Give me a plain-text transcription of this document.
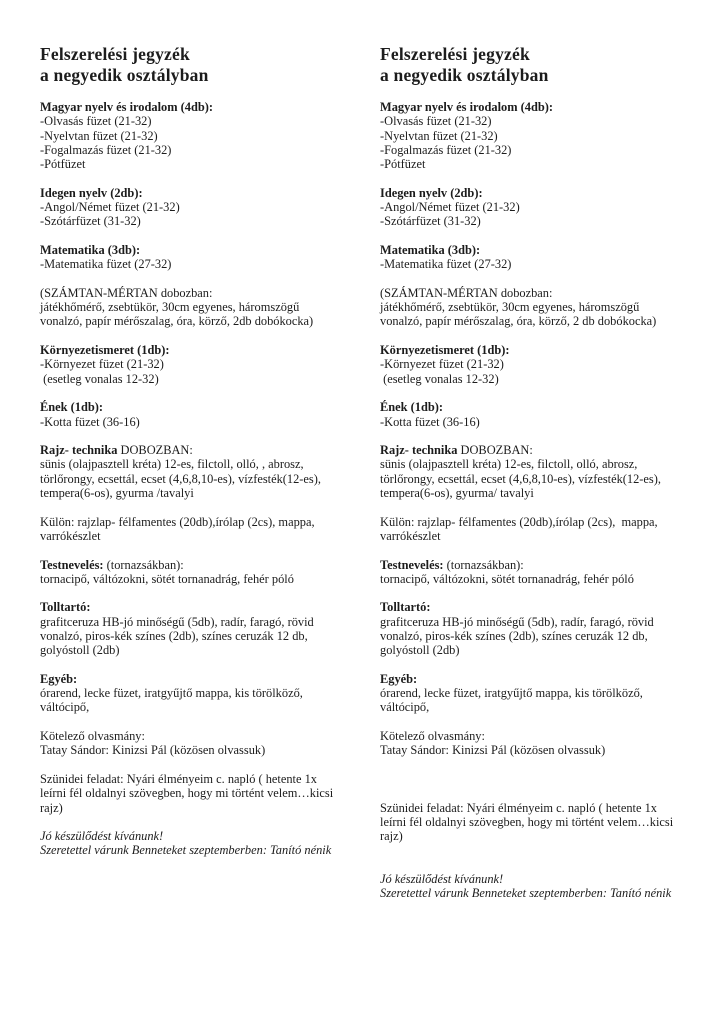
Felszerelési jegyzék
a negyedik osztályban
Magyar nyelv és irodalom (4db):
-Olvasás füzet (21-32)
-Nyelvtan füzet (21-32)
-Fogalmazás füzet (21-32)
-Pótfüzet

Idegen nyelv (2db):
-Angol/Német füzet (21-32)
-Szótárfüzet (31-32)

Matematika (3db):
-Matematika füzet (27-32)

(SZÁMTAN-MÉRTAN dobozban:
játékhőmérő, zsebtükör, 30cm egyenes, háromszögű
vonalzó, papír mérőszalag, óra, körző, 2db dobókocka)

Környezetismeret (1db):
-Környezet füzet (21-32)
(esetleg vonalas 12-32)

Ének (1db):
-Kotta füzet (36-16)

Rajz- technika DOBOZBAN:
sünis (olajpasztell kréta) 12-es, filctoll, olló, , abrosz,
törlőrongy, ecsettál, ecset (4,6,8,10-es), vízfesték(12-es),
tempera(6-os), gyurma /tavalyi

Külön: rajzlap- félfamentes (20db),írólap (2cs), mappa,
varrókészlet

Testnevelés: (tornazsákban):
tornacipő, váltózokni, sötét tornanadrág, fehér póló

Tolltartó:
grafitceruza HB-jó minőségű (5db), radír, faragó, rövid
vonalzó, piros-kék színes (2db), színes ceruzák 12 db,
golyóstoll (2db)

Egyéb:
órarend, lecke füzet, iratgyűjtő mappa, kis törölköző,
váltócipő,

Kötelező olvasmány:
Tatay Sándor: Kinizsi Pál (közösen olvassuk)

Szünidei feladat: Nyári élményeim c. napló ( hetente 1x
leírni fél oldalnyi szövegben, hogy mi történt velem…kicsi
rajz)

Jó készülődést kívánunk!
Szeretettel várunk Benneteket szeptemberben: Tanító nénik
Felszerelési jegyzék
a negyedik osztályban
Magyar nyelv és irodalom (4db):
-Olvasás füzet (21-32)
-Nyelvtan füzet (21-32)
-Fogalmazás füzet (21-32)
-Pótfüzet

Idegen nyelv (2db):
-Angol/Német füzet (21-32)
-Szótárfüzet (31-32)

Matematika (3db):
-Matematika füzet (27-32)

(SZÁMTAN-MÉRTAN dobozban:
játékhőmérő, zsebtükör, 30cm egyenes, háromszögű
vonalzó, papír mérőszalag, óra, körző, 2 db dobókocka)

Környezetismeret (1db):
-Környezet füzet (21-32)
(esetleg vonalas 12-32)

Ének (1db):
-Kotta füzet (36-16)

Rajz- technika DOBOZBAN:
sünis (olajpasztell kréta) 12-es, filctoll, olló, abrosz,
törlőrongy, ecsettál, ecset (4,6,8,10-es), vízfesték(12-es),
tempera(6-os), gyurma/ tavalyi

Külön: rajzlap- félfamentes (20db),írólap (2cs),  mappa,
varrókészlet

Testnevelés: (tornazsákban):
tornacipő, váltózokni, sötét tornanadrág, fehér póló

Tolltartó:
grafitceruza HB-jó minőségű (5db), radír, faragó, rövid
vonalzó, piros-kék színes (2db), színes ceruzák 12 db,
golyóstoll (2db)

Egyéb:
órarend, lecke füzet, iratgyűjtő mappa, kis törölköző,
váltócipő,

Kötelező olvasmány:
Tatay Sándor: Kinizsi Pál (közösen olvassuk)

Szünidei feladat: Nyári élményeim c. napló ( hetente 1x
leírni fél oldalnyi szövegben, hogy mi történt velem…kicsi
rajz)

Jó készülődést kívánunk!
Szeretettel várunk Benneteket szeptemberben: Tanító nénik
